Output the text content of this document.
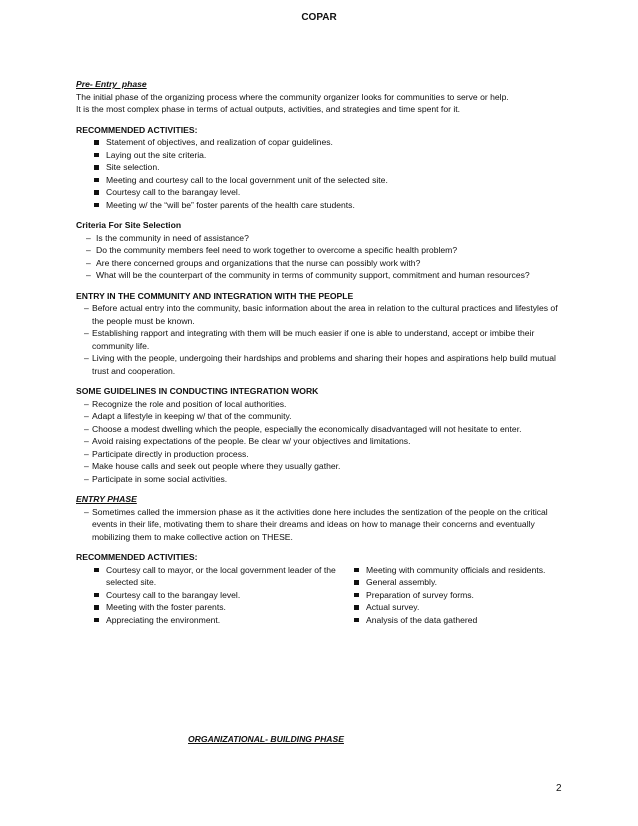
COPAR

Pre- Entry  phase

The initial phase of the organizing process where the community organizer looks for communities to serve or help.

It is the most complex phase in terms of actual outputs, activities, and strategies and time spent for it.

RECOMMENDED ACTIVITIES:

Statement of objectives, and realization of copar guidelines.
Laying out the site criteria.
Site selection.
Meeting and courtesy call to the local government unit of the selected site.
Courtesy call to the barangay level.
Meeting w/ the “will be” foster parents of the health care students.

Criteria For Site Selection

– Is the community in need of assistance?
– Do the community members feel need to work together to overcome a specific health problem?
– Are there concerned groups and organizations that the nurse can possibly work with?
– What will be the counterpart of the community in terms of community support, commitment and human resources?

ENTRY IN THE COMMUNITY AND INTEGRATION WITH THE PEOPLE

– Before actual entry into the community, basic information about the area in relation to the cultural practices and lifestyles of the people must be known.
– Establishing rapport and integrating with them will be much easier if one is able to understand, accept or imbibe their community life.
– Living with the people, undergoing their hardships and problems and sharing their hopes and aspirations help build mutual trust and cooperation.

SOME GUIDELINES IN CONDUCTING INTEGRATION WORK

– Recognize the role and position of local authorities.
– Adapt a lifestyle in keeping w/ that of the community.
– Choose a modest dwelling which the people, especially the economically disadvantaged will not hesitate to enter.
– Avoid raising expectations of the people. Be clear w/ your objectives and limitations.
– Participate directly in production process.
– Make house calls and seek out people where they usually gather.
– Participate in some social activities.

ENTRY PHASE

– Sometimes called the immersion phase as it the activities done here includes the sentization of the people on the critical events in their life, motivating them to share their dreams and ideas on how to manage their concerns and eventually mobilizing them to make collective action on THESE.

RECOMMENDED ACTIVITIES:

Courtesy call to mayor, or the local government leader of the selected site.
Courtesy call to the barangay level.
Meeting with the foster parents.
Appreciating the environment.
Meeting with community officials and residents.
General assembly.
Preparation of survey forms.
Actual survey.
Analysis of the data gathered
ORGANIZATIONAL- BUILDING PHASE
2
